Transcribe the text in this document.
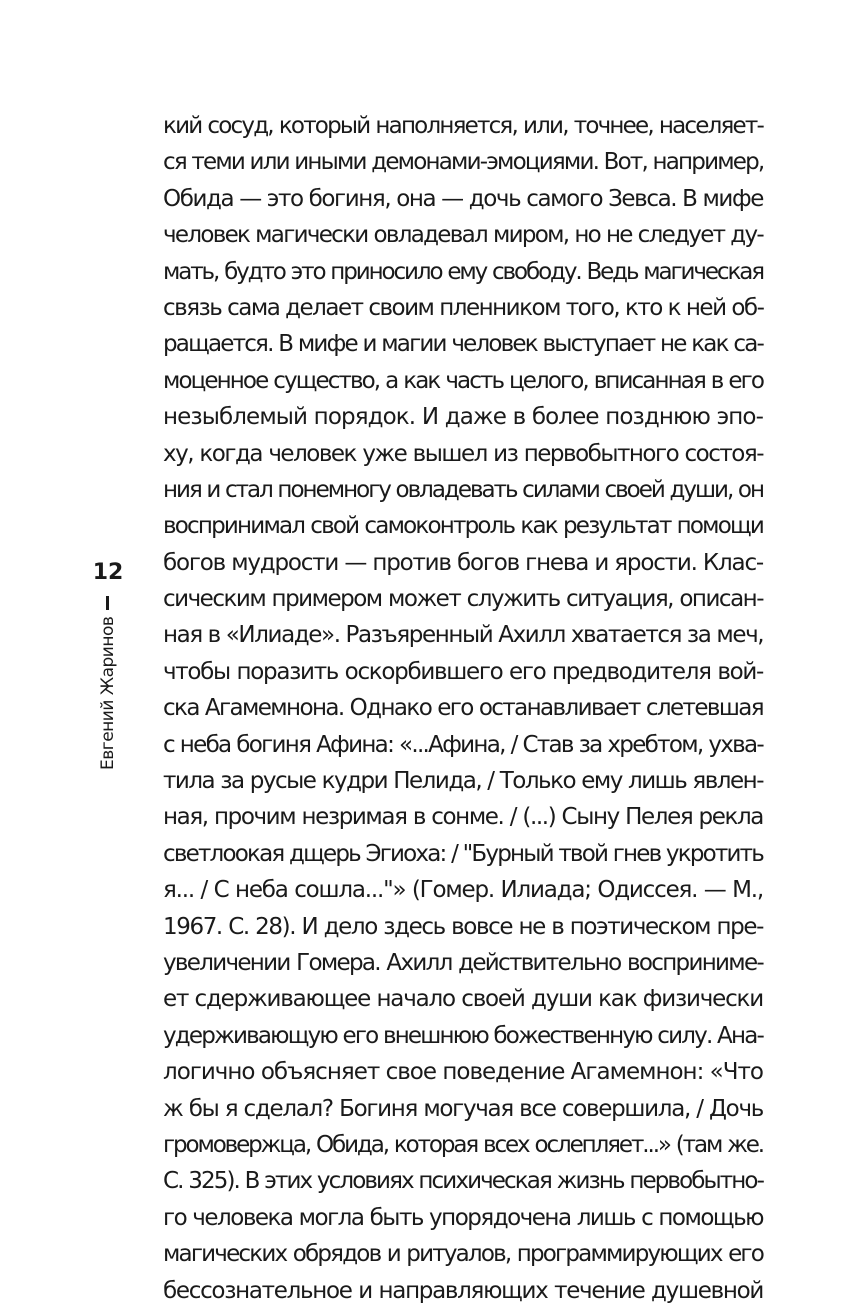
12
Евгений Жаринов
кий сосуд, который наполняется, или, точнее, населяет-
ся теми или иными демонами-эмоциями. Вот, например,
Обида — это богиня, она — дочь самого Зевса. В мифе
человек магически овладевал миром, но не следует ду-
мать, будто это приносило ему свободу. Ведь магическая
связь сама делает своим пленником того, кто к ней об-
ращается. В мифе и магии человек выступает не как са-
моценное существо, а как часть целого, вписанная в его
незыблемый порядок. И даже в более позднюю эпо-
ху, когда человек уже вышел из первобытного состоя-
ния и стал понемногу овладевать силами своей души, он
воспринимал свой самоконтроль как результат помощи
богов мудрости — против богов гнева и ярости. Клас-
сическим примером может служить ситуация, описан-
ная в «Илиаде». Разъяренный Ахилл хватается за меч,
чтобы поразить оскорбившего его предводителя вой-
ска Агамемнона. Однако его останавливает слетевшая
с неба богиня Афина: «...Афина, / Став за хребтом, ухва-
тила за русые кудри Пелида, / Только ему лишь явлен-
ная, прочим незримая в сонме. / (...) Сыну Пелея рекла
светлоокая дщерь Эгиоха: / "Бурный твой гнев укротить
я... / С неба сошла..."» (Гомер. Илиада; Одиссея. — М.,
1967. С. 28). И дело здесь вовсе не в поэтическом пре-
увеличении Гомера. Ахилл действительно восприниме-
ет сдерживающее начало своей души как физически
удерживающую его внешнюю божественную силу. Ана-
логично объясняет свое поведение Агамемнон: «Что
ж бы я сделал? Богиня могучая все совершила, / Дочь
громовержца, Обида, которая всех ослепляет...» (там же.
С. 325). В этих условиях психическая жизнь первобытно-
го человека могла быть упорядочена лишь с помощью
магических обрядов и ритуалов, программирующих его
бессознательное и направляющих течение душевной
